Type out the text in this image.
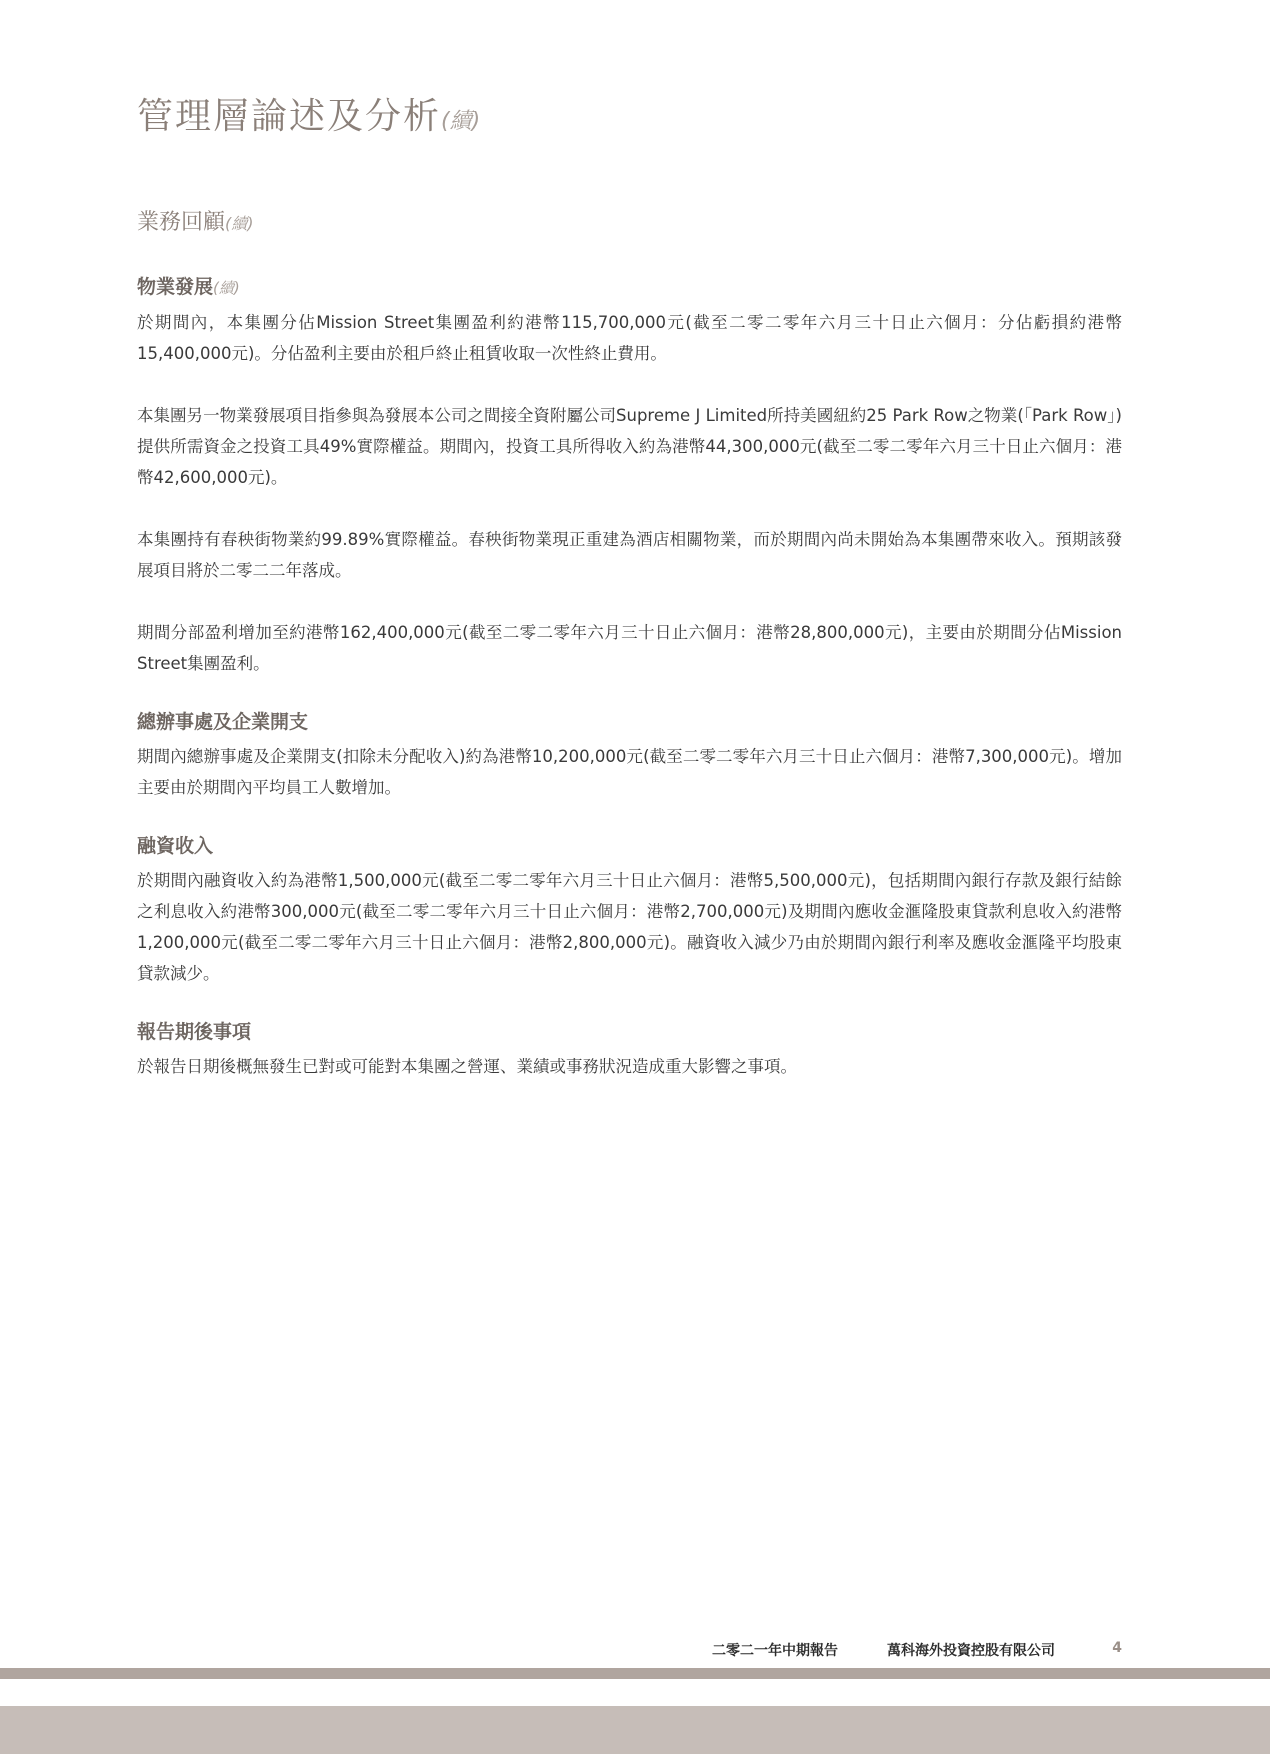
管理層論述及分析(續)
業務回顧(續)
物業發展(續)

於期間內，本集團分佔Mission Street集團盈利約港幣115,700,000元(截至二零二零年六月三十日止六個月：分佔虧損約港幣15,400,000元)。分佔盈利主要由於租戶終止租賃收取一次性終止費用。

本集團另一物業發展項目指參與為發展本公司之間接全資附屬公司Supreme J Limited所持美國紐約25 Park Row之物業(「Park Row」)提供所需資金之投資工具49%實際權益。期間內，投資工具所得收入約為港幣44,300,000元(截至二零二零年六月三十日止六個月：港幣42,600,000元)。

本集團持有春秧街物業約99.89%實際權益。春秧街物業現正重建為酒店相關物業，而於期間內尚未開始為本集團帶來收入。預期該發展項目將於二零二二年落成。

期間分部盈利增加至約港幣162,400,000元(截至二零二零年六月三十日止六個月：港幣28,800,000元)，主要由於期間分佔Mission Street集團盈利。

總辦事處及企業開支

期間內總辦事處及企業開支(扣除未分配收入)約為港幣10,200,000元(截至二零二零年六月三十日止六個月：港幣7,300,000元)。增加主要由於期間內平均員工人數增加。

融資收入

於期間內融資收入約為港幣1,500,000元(截至二零二零年六月三十日止六個月：港幣5,500,000元)，包括期間內銀行存款及銀行結餘之利息收入約港幣300,000元(截至二零二零年六月三十日止六個月：港幣2,700,000元)及期間內應收金滙隆股東貸款利息收入約港幣1,200,000元(截至二零二零年六月三十日止六個月：港幣2,800,000元)。融資收入減少乃由於期間內銀行利率及應收金滙隆平均股東貸款減少。

報告期後事項

於報告日期後概無發生已對或可能對本集團之營運、業績或事務狀況造成重大影響之事項。

二零二一年中期報告	萬科海外投資控股有限公司	4
